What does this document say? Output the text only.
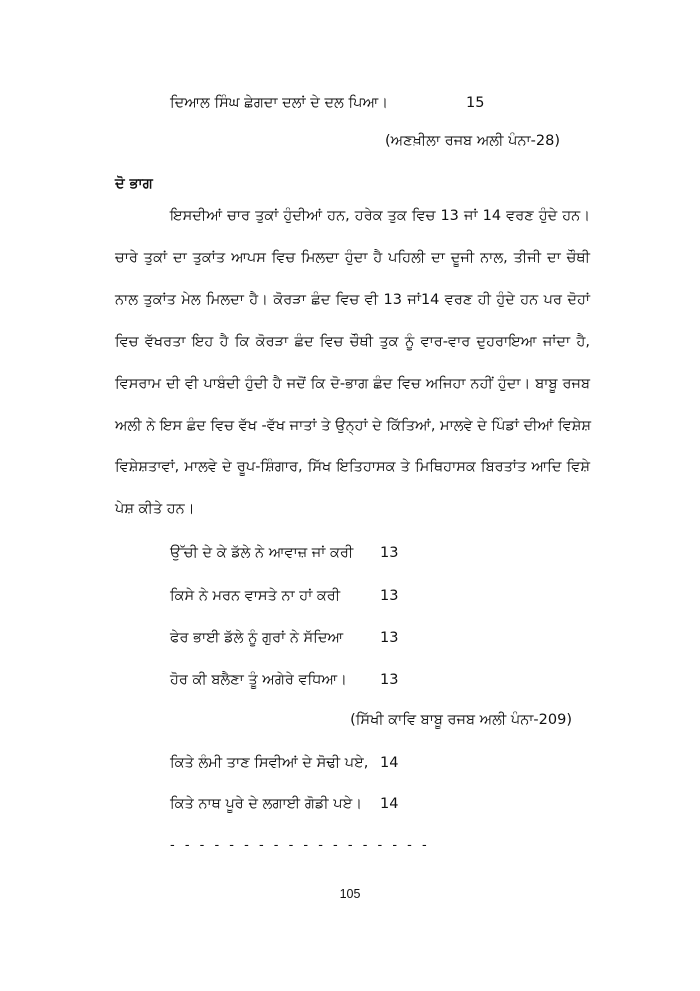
ਦਿਆਲ ਸਿੰਘ ਛੇਗਦਾ ਦਲਾਂ ਦੇ ਦਲ ਪਿਆ।	15
(ਅਣਖ਼ੀਲਾ ਰਜਬ ਅਲੀ ਪੰਨਾ-28)
ਦੋ ਭਾਗ
ਇਸਦੀਆਂ ਚਾਰ ਤੁਕਾਂ ਹੁੰਦੀਆਂ ਹਨ, ਹਰੇਕ ਤੁਕ ਵਿਚ 13 ਜਾਂ 14 ਵਰਣ ਹੁੰਦੇ ਹਨ।
ਚਾਰੇ ਤੁਕਾਂ ਦਾ ਤੁਕਾਂਤ ਆਪਸ ਵਿਚ ਮਿਲਦਾ ਹੁੰਦਾ ਹੈ ਪਹਿਲੀ ਦਾ ਦੂਜੀ ਨਾਲ, ਤੀਜੀ ਦਾ ਚੌਥੀ
ਨਾਲ ਤੁਕਾਂਤ ਮੇਲ ਮਿਲਦਾ ਹੈ। ਕੋਰੜਾ ਛੰਦ ਵਿਚ ਵੀ 13 ਜਾਂ14 ਵਰਣ ਹੀ ਹੁੰਦੇ ਹਨ ਪਰ ਦੋਹਾਂ
ਵਿਚ ਵੱਖਰਤਾ ਇਹ ਹੈ ਕਿ ਕੋਰੜਾ ਛੰਦ ਵਿਚ ਚੌਥੀ ਤੁਕ ਨੂੰ ਵਾਰ-ਵਾਰ ਦੁਹਰਾਇਆ ਜਾਂਦਾ ਹੈ,
ਵਿਸਰਾਮ ਦੀ ਵੀ ਪਾਬੰਦੀ ਹੁੰਦੀ ਹੈ ਜਦੋਂ ਕਿ ਦੋ-ਭਾਗ ਛੰਦ ਵਿਚ ਅਜਿਹਾ ਨਹੀਂ ਹੁੰਦਾ। ਬਾਬੂ ਰਜਬ
ਅਲੀ ਨੇ ਇਸ ਛੰਦ ਵਿਚ ਵੱਖ -ਵੱਖ ਜਾਤਾਂ ਤੇ ਉਨ੍ਹਾਂ ਦੇ ਕਿੱਤਿਆਂ, ਮਾਲਵੇ ਦੇ ਪਿੰਡਾਂ ਦੀਆਂ ਵਿਸ਼ੇਸ਼
ਵਿਸ਼ੇਸ਼ਤਾਵਾਂ, ਮਾਲਵੇ ਦੇ ਰੂਪ-ਸ਼ਿੰਗਾਰ, ਸਿੱਖ ਇਤਿਹਾਸਕ ਤੇ ਮਿਥਿਹਾਸਕ ਬਿਰਤਾਂਤ ਆਦਿ ਵਿਸ਼ੇ
ਪੇਸ਼ ਕੀਤੇ ਹਨ।
ਉੱਚੀ ਦੇ ਕੇ ਡੱਲੇ ਨੇ ਆਵਾਜ਼ ਜਾਂ ਕਰੀ 13
ਕਿਸੇ ਨੇ ਮਰਨ ਵਾਸਤੇ ਨਾ ਹਾਂ ਕਰੀ	13
ਫੇਰ ਭਾਈ ਡੱਲੇ ਨੂੰ ਗੁਰਾਂ ਨੇ ਸੱਦਿਆ	13
ਹੋਰ ਕੀ ਬਲੈਣਾ ਤੂੰ ਅਗੇਰੇ ਵਧਿਆ। 13
(ਸਿੱਖੀ ਕਾਵਿ ਬਾਬੂ ਰਜਬ ਅਲੀ ਪੰਨਾ-209)
ਕਿਤੇ ਲੰਮੀ ਤਾਣ ਸਿਵੀਆਂ ਦੇ ਸੋਢੀ ਪਏ, 14
ਕਿਤੇ ਨਾਥ ਪੂਰੇ ਦੇ ਲਗਾਈ ਗੋਡੀ ਪਏ। 14
- - - - - - - - - - - - - - - - - -
105
